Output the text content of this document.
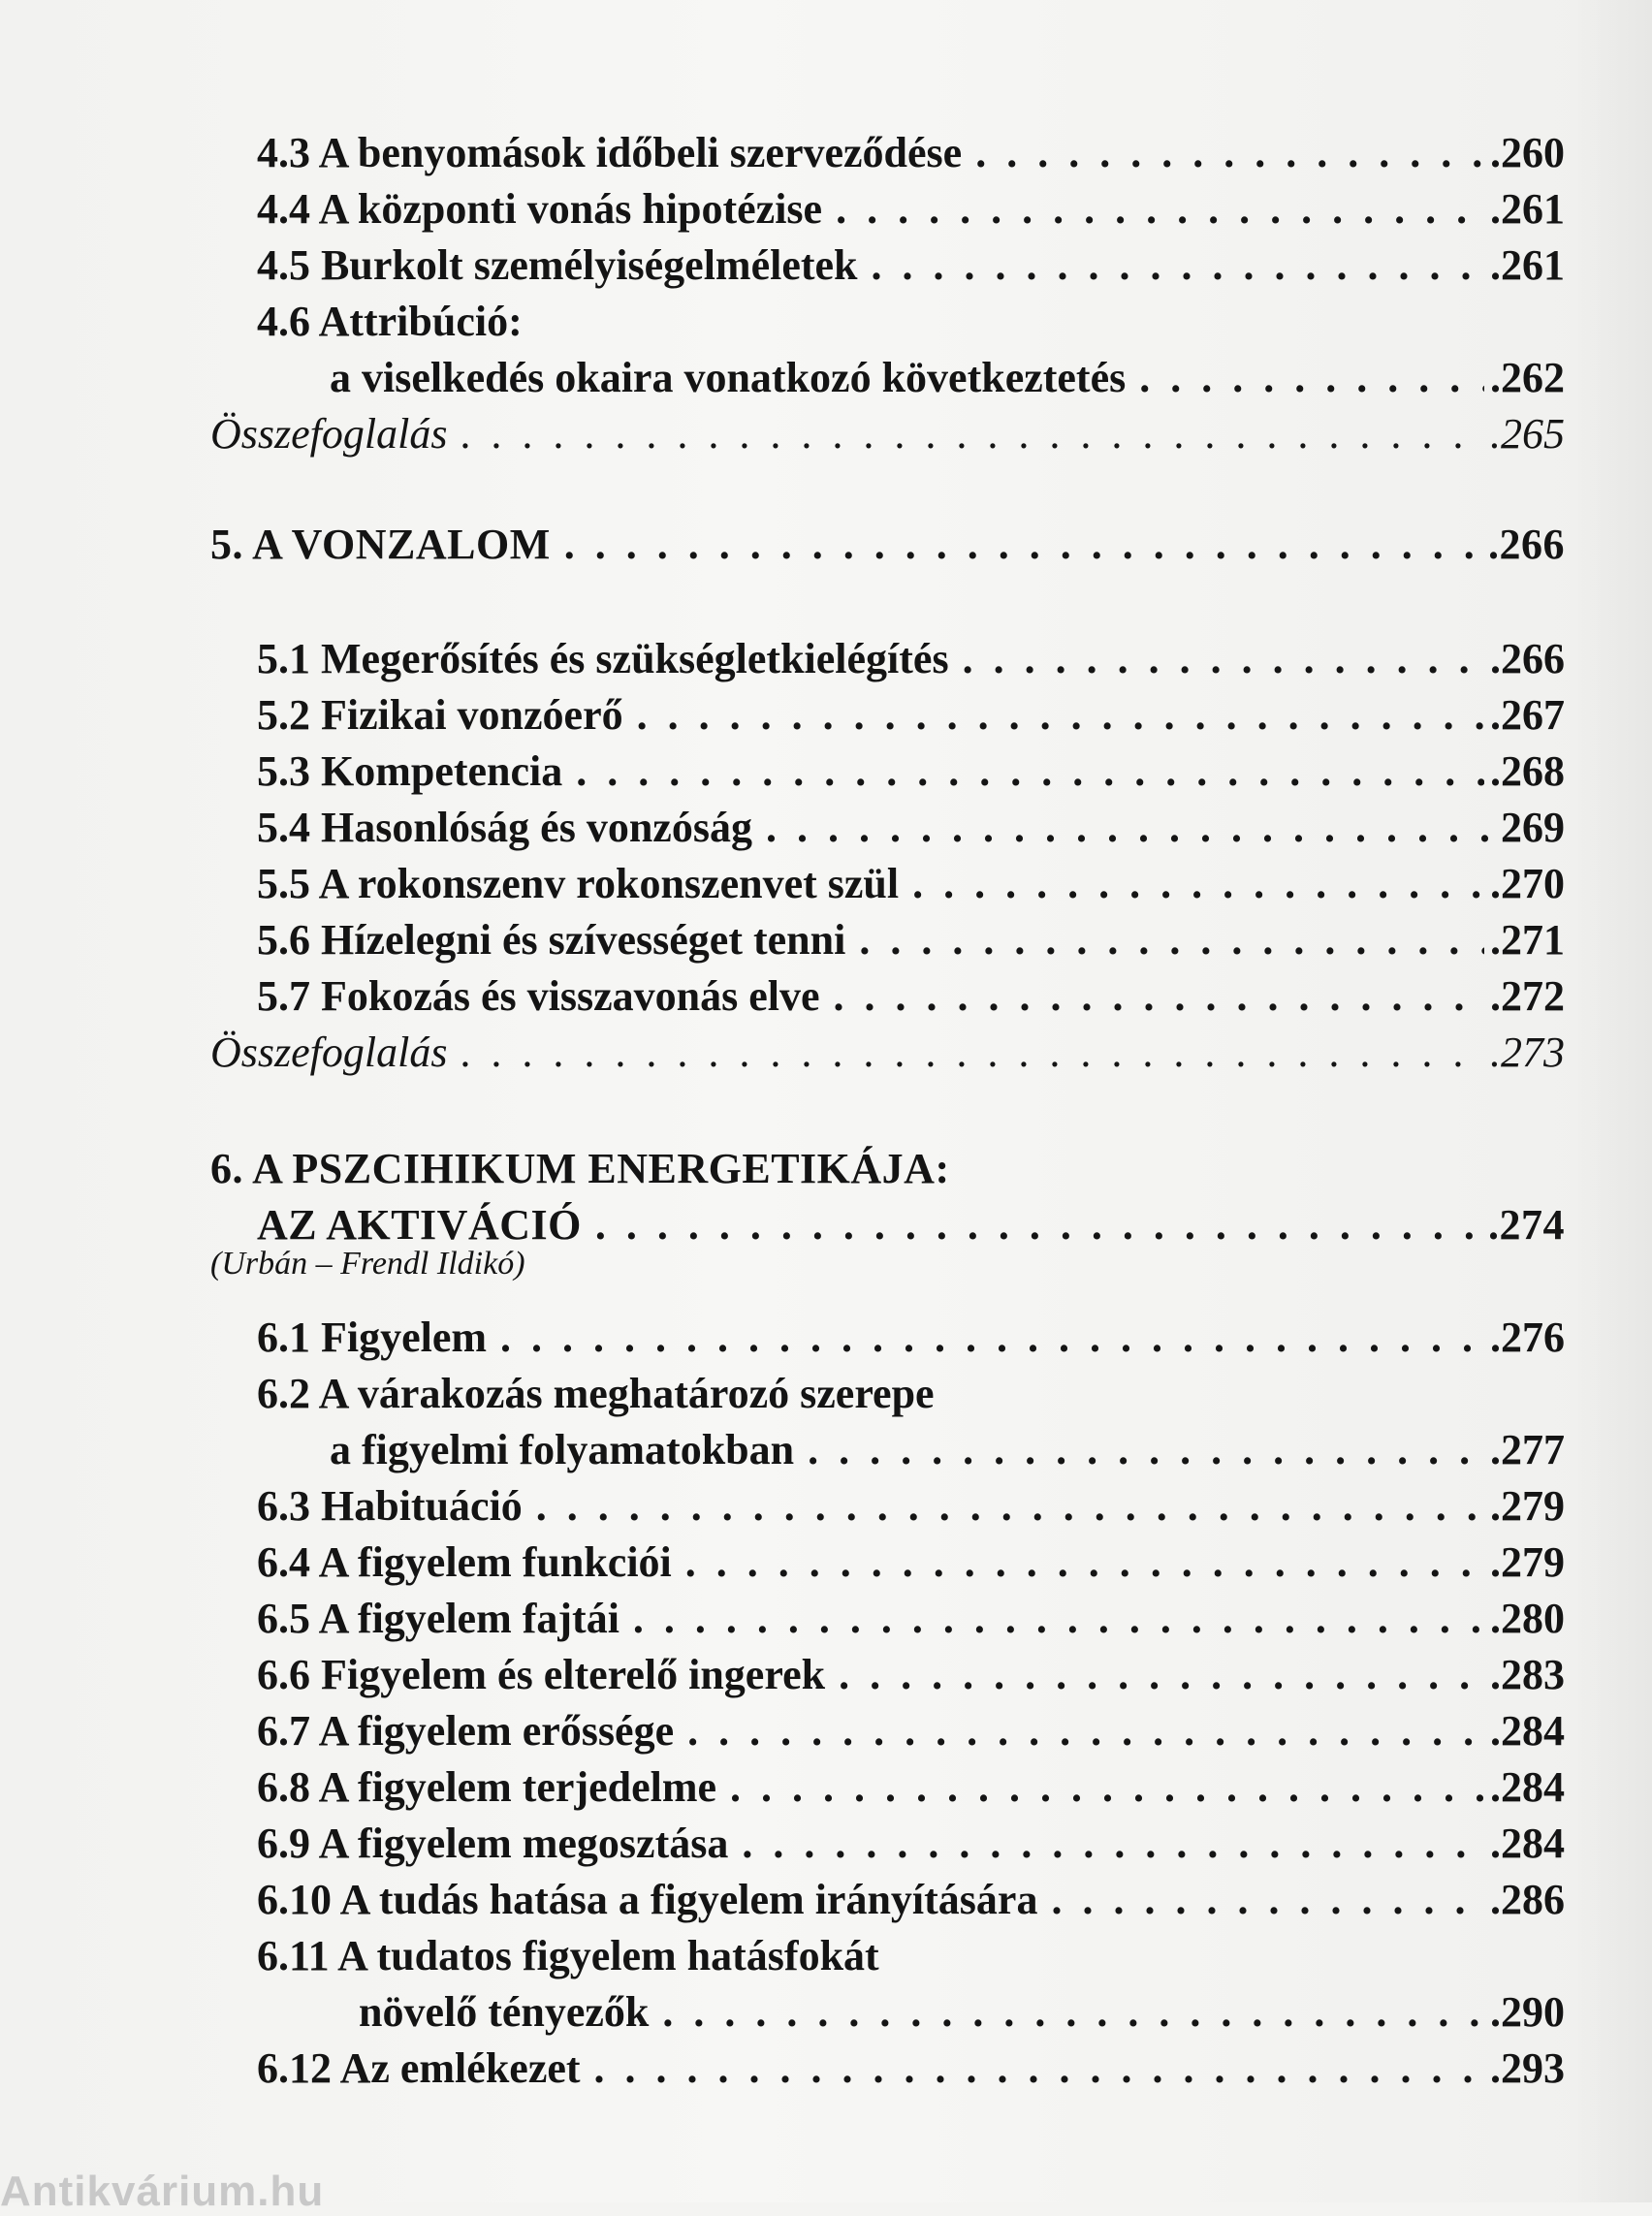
4.3 A benyomások időbeli szerveződése . . .	.260
4.4 A központi vonás hipotézise . . .	.261
4.5 Burkolt személyiségelméletek . . .	.261
4.6 Attribúció:
a viselkedés okaira vonatkozó következtetés . . .	.262
Összefoglalás . . .	.265
5. A VONZALOM . . .	.266
5.1 Megerősítés és szükségletkielégítés . . .	.266
5.2 Fizikai vonzóerő . . .	.267
5.3 Kompetencia . . .	.268
5.4 Hasonlóság és vonzóság . . .	269
5.5 A rokonszenv rokonszenvet szül . . .	.270
5.6 Hízelegni és szívességet tenni . . .	.271
5.7 Fokozás és visszavonás elve . . .	.272
Összefoglalás . . .	.273
6. A PSZCIHIKUM ENERGETIKÁJA:
AZ AKTIVÁCIÓ . . .	.274
(Urbán – Frendl Ildikó)
6.1 Figyelem . . .	.276
6.2 A várakozás meghatározó szerepe
a figyelmi folyamatokban . . .	.277
6.3 Habituáció . . .	.279
6.4 A figyelem funkciói . . .	.279
6.5 A figyelem fajtái . . .	.280
6.6 Figyelem és elterelő ingerek . . .	.283
6.7 A figyelem erőssége . . .	.284
6.8 A figyelem terjedelme . . .	.284
6.9 A figyelem megosztása . . .	.284
6.10 A tudás hatása a figyelem irányítására . . .	.286
6.11 A tudatos figyelem hatásfokát
növelő tényezők . . .	.290
6.12 Az emlékezet . . .	.293
Antikvárium.hu
